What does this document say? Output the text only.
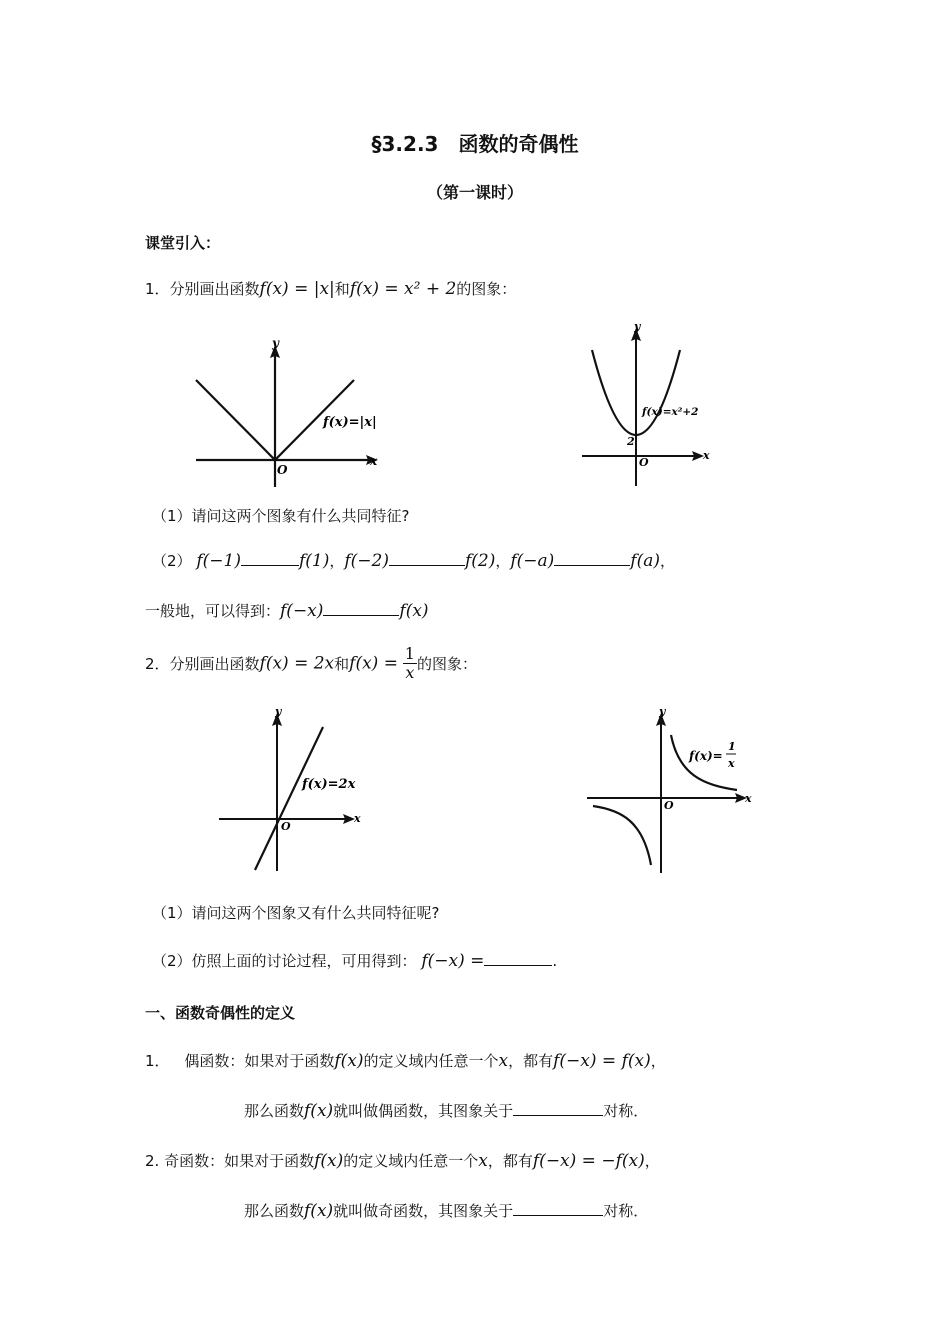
§3.2.3　函数的奇偶性
（第一课时）
课堂引入：
1．分别画出函数f(x) = |x|和f(x) = x² + 2的图象：
x
y
O
f(x)=|x|
x
y
O
2
f(x)=x²+2
（1）请问这两个图象有什么共同特征?
（2） f(−1)	f(1)，f(−2)	f(2)，f(−a)	f(a)，
一般地，可以得到：f(−x)	f(x)
2．分别画出函数f(x) = 2x和$f(x) = \frac{1}{x}$ 的图象：
x
y
O
f(x)=2x
x
y
O
f(x)=
1
x
（1）请问这两个图象又有什么共同特征呢?
（2）仿照上面的讨论过程，可用得到： f(−x) =	.
一、函数奇偶性的定义
1． 偶函数：如果对于函数f(x)的定义域内任意一个x，都有f(−x) = f(x)，
那么函数f(x)就叫做偶函数，其图象关于	对称．
2. 奇函数：如果对于函数f(x)的定义域内任意一个x，都有f(−x) = −f(x)，
那么函数f(x)就叫做奇函数，其图象关于	对称．
